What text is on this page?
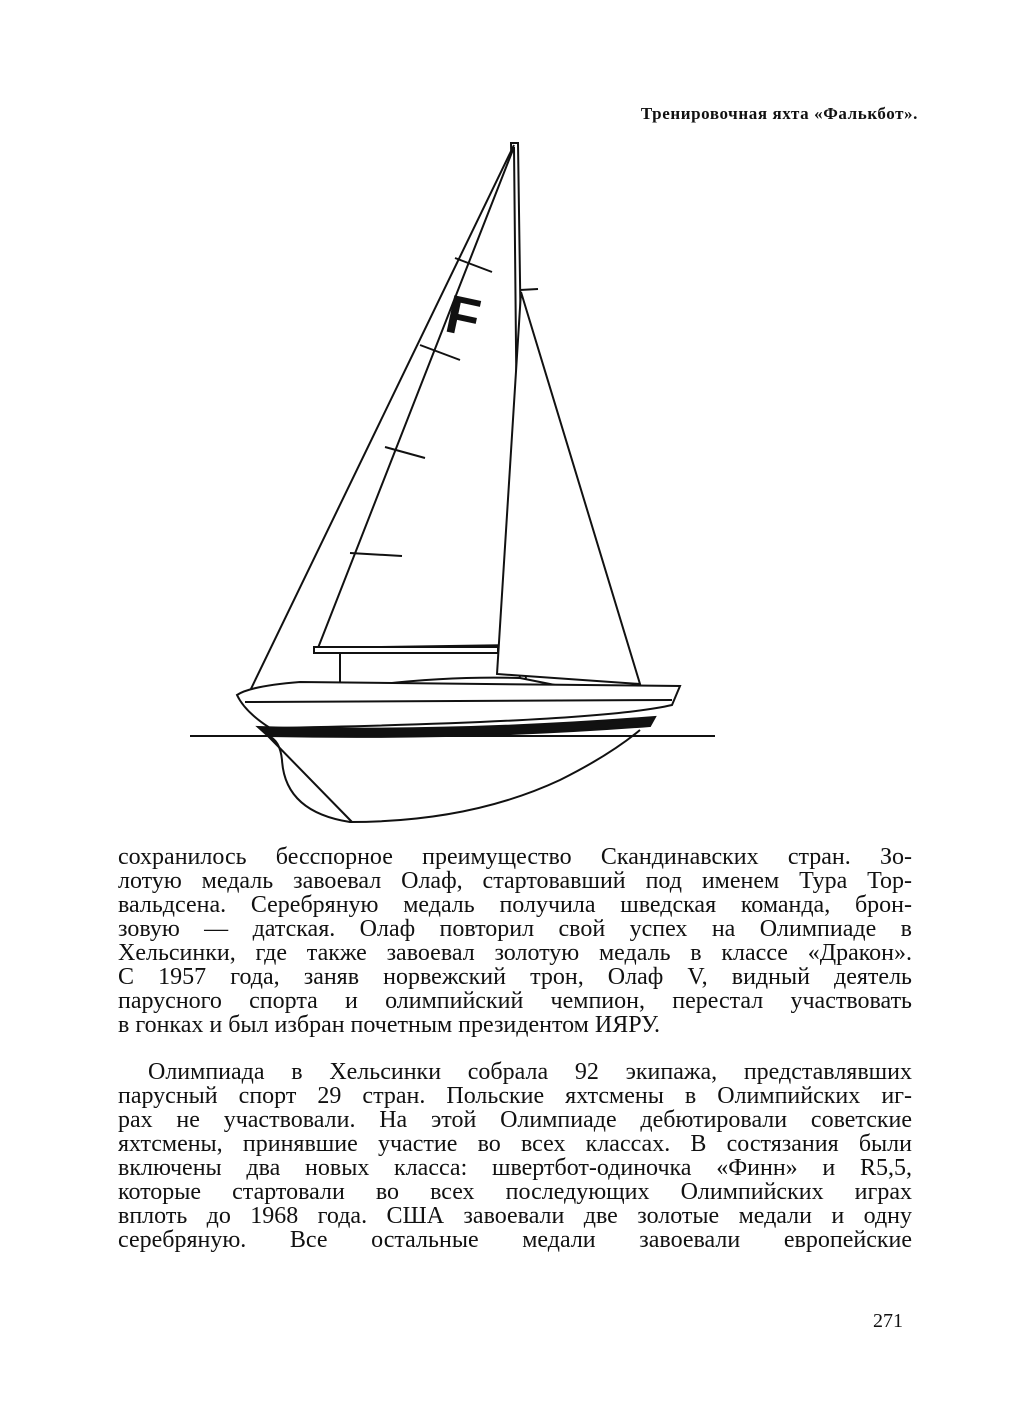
Тренировочная яхта «Фалькбот».
F
сохранилось бесспорное преимущество Скандинавских стран. Зо-
лотую медаль завоевал Олаф, стартовавший под именем Тура Тор-
вальдсена. Серебряную медаль получила шведская команда, брон-
зовую — датская. Олаф повторил свой успех на Олимпиаде в
Хельсинки, где также завоевал золотую медаль в классе «Дракон».
С 1957 года, заняв норвежский трон, Олаф V, видный деятель
парусного спорта и олимпийский чемпион, перестал участвовать
в гонках и был избран почетным президентом ИЯРУ.
Олимпиада в Хельсинки собрала 92 экипажа, представлявших
парусный спорт 29 стран. Польские яхтсмены в Олимпийских иг-
рах не участвовали. На этой Олимпиаде дебютировали советские
яхтсмены, принявшие участие во всех классах. В состязания были
включены два новых класса: швертбот-одиночка «Финн» и R5,5,
которые стартовали во всех последующих Олимпийских играх
вплоть до 1968 года. США завоевали две золотые медали и одну
серебряную. Все остальные медали завоевали европейские
271
